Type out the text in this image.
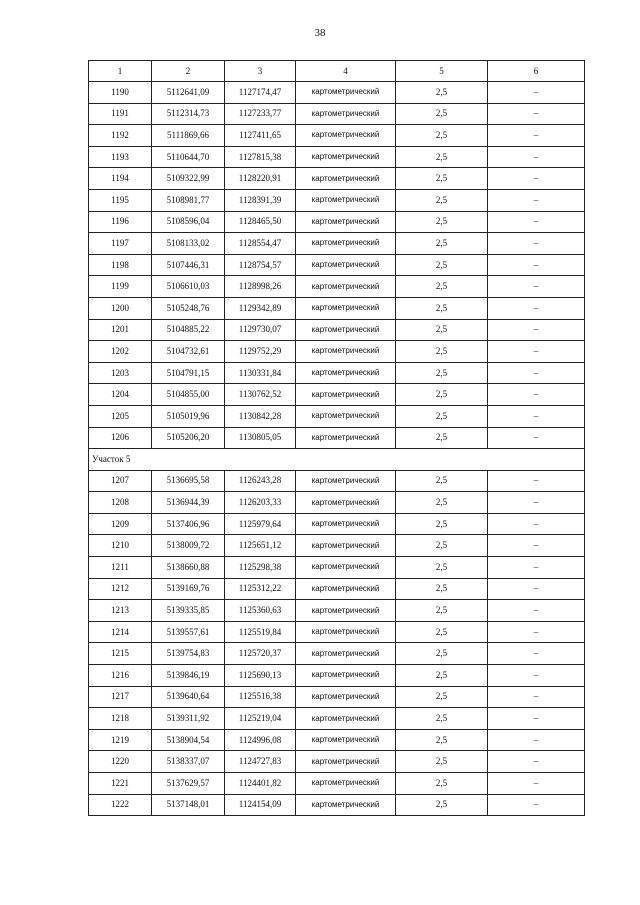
38
1	2	3	4	5	6
1190	5112641,09	1127174,47	картометрический	2,5	–
1191	5112314,73	1127233,77	картометрический	2,5	–
1192	5111869,66	1127411,65	картометрический	2,5	–
1193	5110644,70	1127815,38	картометрический	2,5	–
1194	5109322,99	1128220,91	картометрический	2,5	–
1195	5108981,77	1128391,39	картометрический	2,5	–
1196	5108596,04	1128465,50	картометрический	2,5	–
1197	5108133,02	1128554,47	картометрический	2,5	–
1198	5107446,31	1128754,57	картометрический	2,5	–
1199	5106610,03	1128998,26	картометрический	2,5	–
1200	5105248,76	1129342,89	картометрический	2,5	–
1201	5104885,22	1129730,07	картометрический	2,5	–
1202	5104732,61	1129752,29	картометрический	2,5	–
1203	5104791,15	1130331,84	картометрический	2,5	–
1204	5104855,00	1130762,52	картометрический	2,5	–
1205	5105019,96	1130842,28	картометрический	2,5	–
1206	5105206,20	1130805,05	картометрический	2,5	–
Участок 5					
1207	5136695,58	1126243,28	картометрический	2,5	–
1208	5136944,39	1126203,33	картометрический	2,5	–
1209	5137406,96	1125979,64	картометрический	2,5	–
1210	5138009,72	1125651,12	картометрический	2,5	–
1211	5138660,88	1125298,38	картометрический	2,5	–
1212	5139169,76	1125312,22	картометрический	2,5	–
1213	5139335,85	1125360,63	картометрический	2,5	–
1214	5139557,61	1125519,84	картометрический	2,5	–
1215	5139754,83	1125720,37	картометрический	2,5	–
1216	5139846,19	1125690,13	картометрический	2,5	–
1217	5139640,64	1125516,38	картометрический	2,5	–
1218	5139311,92	1125219,04	картометрический	2,5	–
1219	5138904,54	1124996,08	картометрический	2,5	–
1220	5138337,07	1124727,83	картометрический	2,5	–
1221	5137629,57	1124401,82	картометрический	2,5	–
1222	5137148,01	1124154,09	картометрический	2,5	–
